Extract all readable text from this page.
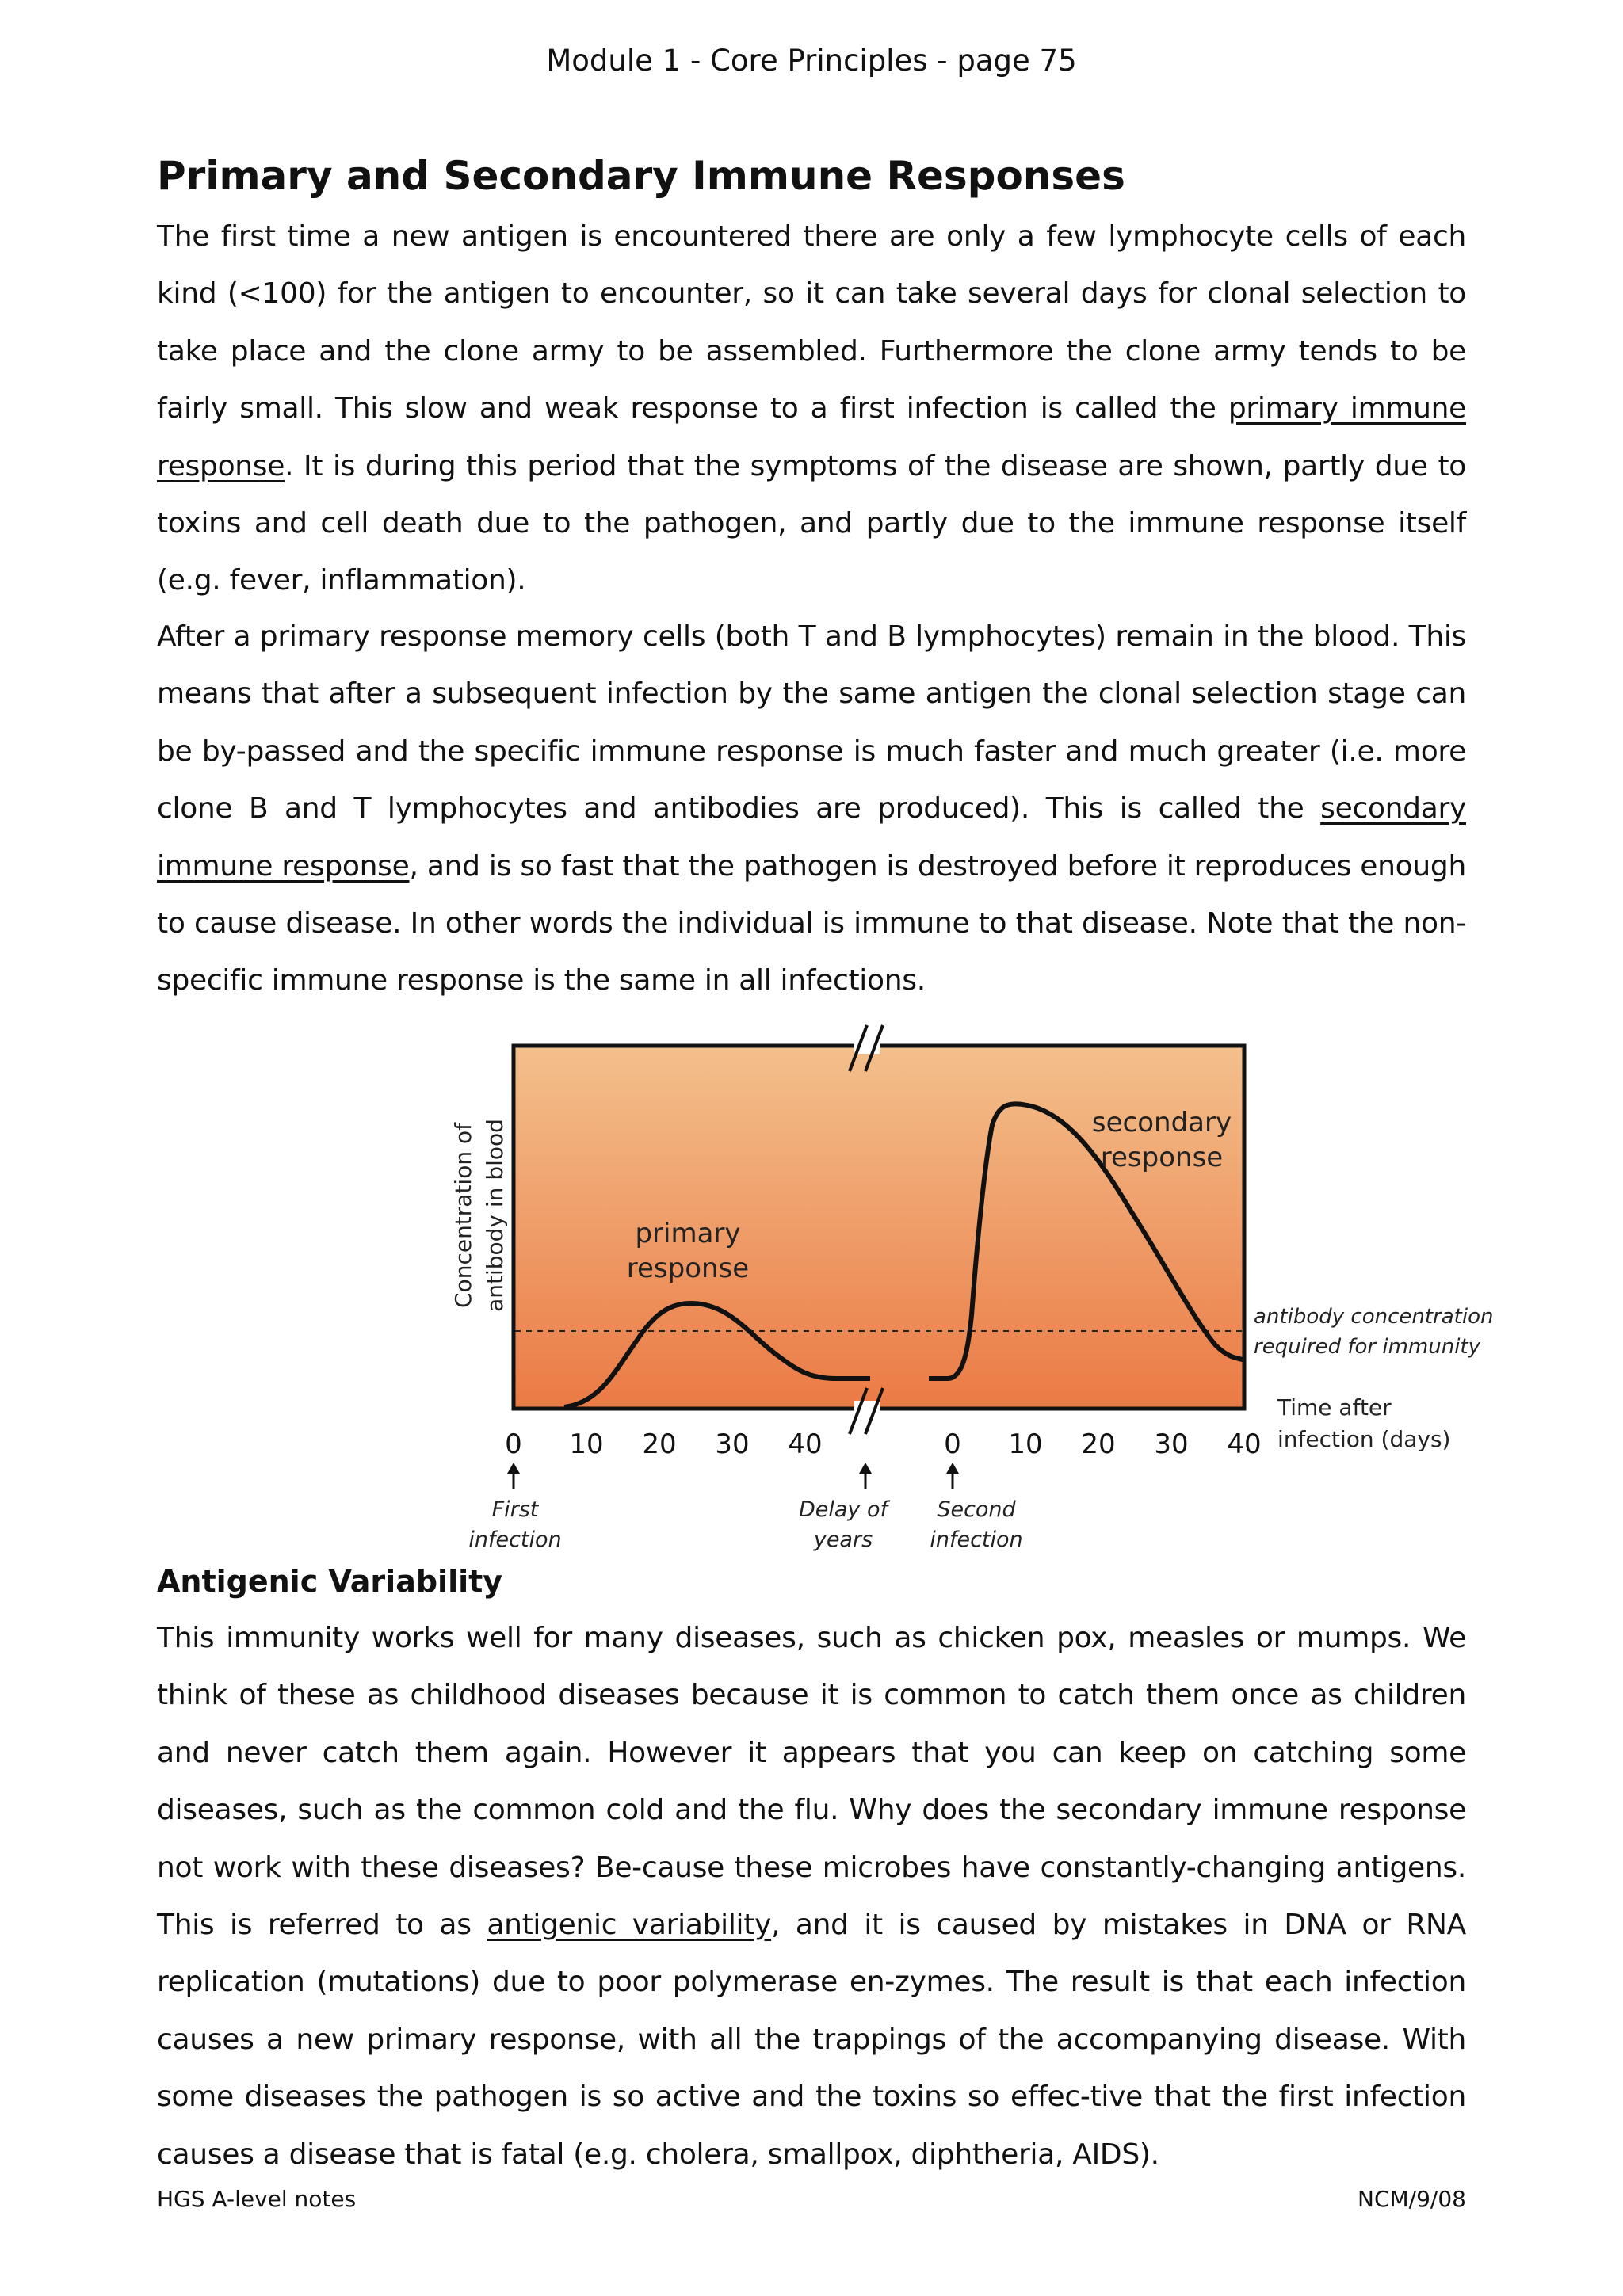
Module 1 - Core Principles - page 75
Primary and Secondary Immune Responses

The first time a new antigen is encountered there are only a few lymphocyte cells of each kind (<100) for the antigen to encounter, so it can take several days for clonal selection to take place and the clone army to be assembled. Furthermore the clone army tends to be fairly small. This slow and weak response to a first infection is called the primary immune response. It is during this period that the symptoms of the disease are shown, partly due to toxins and cell death due to the pathogen, and partly due to the immune response itself (e.g. fever, inflammation).

After a primary response memory cells (both T and B lymphocytes) remain in the blood. This means that after a subsequent infection by the same antigen the clonal selection stage can be by-passed and the specific immune response is much faster and much greater (i.e. more clone B and T lymphocytes and antibodies are produced). This is called the secondary immune response, and is so fast that the pathogen is destroyed before it reproduces enough to cause disease. In other words the individual is immune to that disease. Note that the non-specific immune response is the same in all infections.

0 10 20 30 40	0 10 20 30 40
primary
response
secondary
response
Concentration of antibody in blood
antibody concentration
required for immunity
Time after
infection (days)
First
infection
Delay of
years
Second
infection
Antigenic Variability

This immunity works well for many diseases, such as chicken pox, measles or mumps. We think of these as childhood diseases because it is common to catch them once as children and never catch them again. However it appears that you can keep on catching some diseases, such as the common cold and the flu. Why does the secondary immune response not work with these diseases? Be-cause these microbes have constantly-changing antigens. This is referred to as antigenic variability, and it is caused by mistakes in DNA or RNA replication (mutations) due to poor polymerase en-zymes. The result is that each infection causes a new primary response, with all the trappings of the accompanying disease. With some diseases the pathogen is so active and the toxins so effec-tive that the first infection causes a disease that is fatal (e.g. cholera, smallpox, diphtheria, AIDS).

HGS A-level notes	NCM/9/08
